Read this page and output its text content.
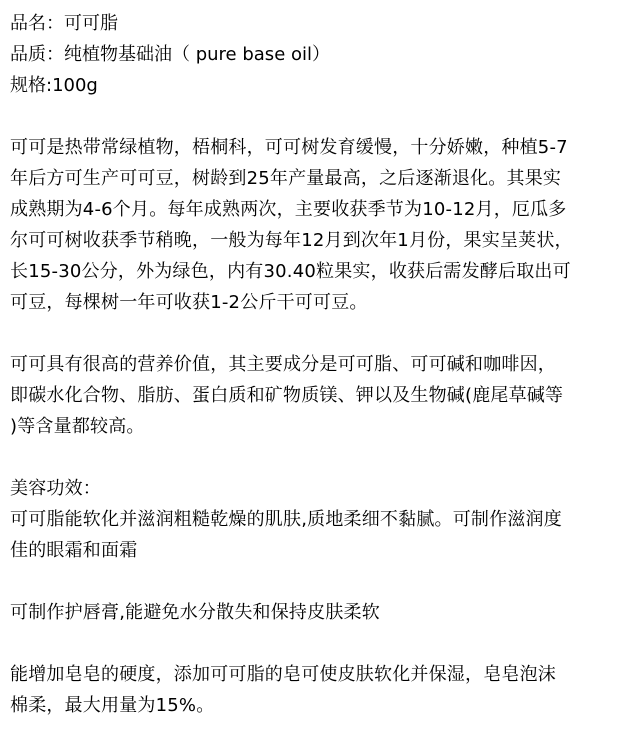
品名：可可脂

品质：纯植物基础油（ pure base oil）

规格:100g

可可是热带常绿植物，梧桐科，可可树发育缓慢，十分娇嫩，种植5-7

年后方可生产可可豆，树龄到25年产量最高，之后逐渐退化。其果实

成熟期为4-6个月。每年成熟两次，主要收获季节为10-12月，厄瓜多

尔可可树收获季节稍晚，一般为每年12月到次年1月份，果实呈荚状，

长15-30公分，外为绿色，内有30.40粒果实，收获后需发酵后取出可

可豆，每棵树一年可收获1-2公斤干可可豆。

可可具有很高的营养价值，其主要成分是可可脂、可可碱和咖啡因，

即碳水化合物、脂肪、蛋白质和矿物质镁、钾以及生物碱(鹿尾草碱等

)等含量都较高。

美容功效：

可可脂能软化并滋润粗糙乾燥的肌肤,质地柔细不黏腻。可制作滋润度

佳的眼霜和面霜

可制作护唇膏,能避免水分散失和保持皮肤柔软

能增加皂皂的硬度，添加可可脂的皂可使皮肤软化并保湿，皂皂泡沫

棉柔，最大用量为15%。
